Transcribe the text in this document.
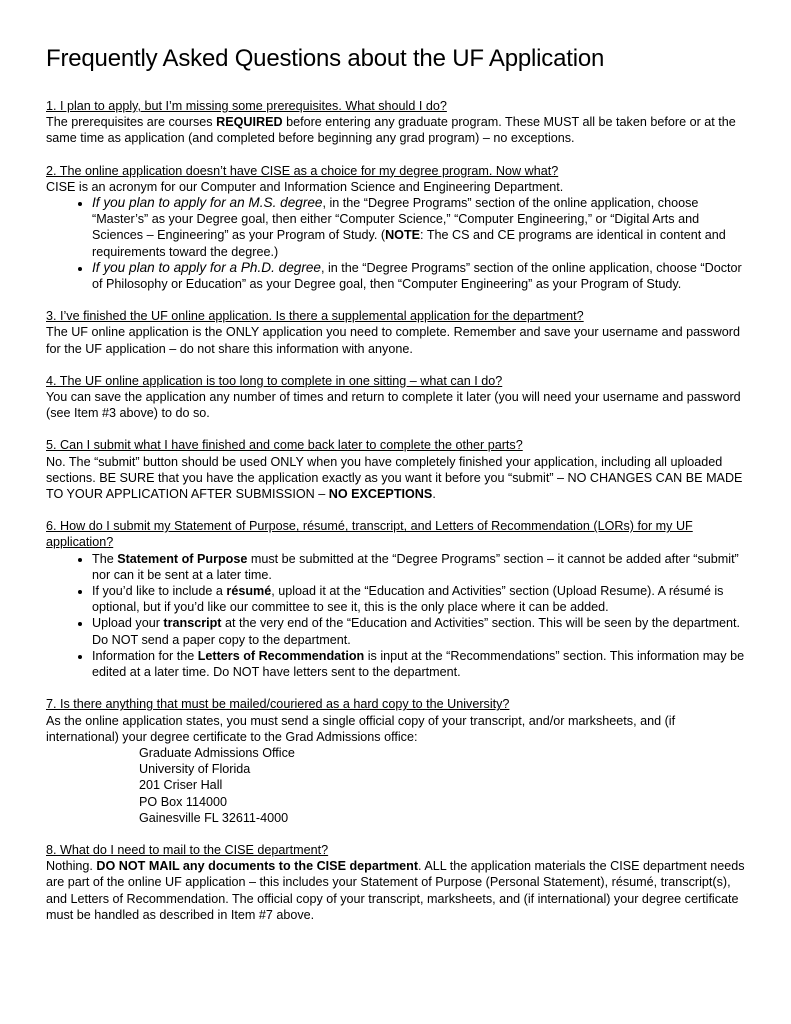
Frequently Asked Questions about the UF Application

1. I plan to apply, but I’m missing some prerequisites. What should I do?

The prerequisites are courses REQUIRED before entering any graduate program. These MUST all be taken before or at the same time as application (and completed before beginning any grad program) – no exceptions.

2. The online application doesn’t have CISE as a choice for my degree program. Now what?

CISE is an acronym for our Computer and Information Science and Engineering Department.

• If you plan to apply for an M.S. degree, in the “Degree Programs” section of the online application, choose “Master’s” as your Degree goal, then either “Computer Science,” “Computer Engineering,” or “Digital Arts and Sciences – Engineering” as your Program of Study. (NOTE: The CS and CE programs are identical in content and requirements toward the degree.)
• If you plan to apply for a Ph.D. degree, in the “Degree Programs” section of the online application, choose “Doctor of Philosophy or Education” as your Degree goal, then “Computer Engineering” as your Program of Study.

3. I’ve finished the UF online application. Is there a supplemental application for the department?

The UF online application is the ONLY application you need to complete. Remember and save your username and password for the UF application – do not share this information with anyone.

4. The UF online application is too long to complete in one sitting – what can I do?

You can save the application any number of times and return to complete it later (you will need your username and password (see Item #3 above) to do so.

5. Can I submit what I have finished and come back later to complete the other parts?

No. The “submit” button should be used ONLY when you have completely finished your application, including all uploaded sections. BE SURE that you have the application exactly as you want it before you “submit” – NO CHANGES CAN BE MADE TO YOUR APPLICATION AFTER SUBMISSION – NO EXCEPTIONS.

6. How do I submit my Statement of Purpose, résumé, transcript, and Letters of Recommendation (LORs) for my UF application?

• The Statement of Purpose must be submitted at the “Degree Programs” section – it cannot be added after “submit” nor can it be sent at a later time.
• If you’d like to include a résumé, upload it at the “Education and Activities” section (Upload Resume). A résumé is optional, but if you’d like our committee to see it, this is the only place where it can be added.
• Upload your transcript at the very end of the “Education and Activities” section. This will be seen by the department. Do NOT send a paper copy to the department.
• Information for the Letters of Recommendation is input at the “Recommendations” section. This information may be edited at a later time. Do NOT have letters sent to the department.

7. Is there anything that must be mailed/couriered as a hard copy to the University?

As the online application states, you must send a single official copy of your transcript, and/or marksheets, and (if international) your degree certificate to the Grad Admissions office:

Graduate Admissions Office
University of Florida
201 Criser Hall
PO Box 114000
Gainesville FL 32611-4000

8. What do I need to mail to the CISE department?

Nothing. DO NOT MAIL any documents to the CISE department. ALL the application materials the CISE department needs are part of the online UF application – this includes your Statement of Purpose (Personal Statement), résumé, transcript(s), and Letters of Recommendation. The official copy of your transcript, marksheets, and (if international) your degree certificate must be handled as described in Item #7 above.
